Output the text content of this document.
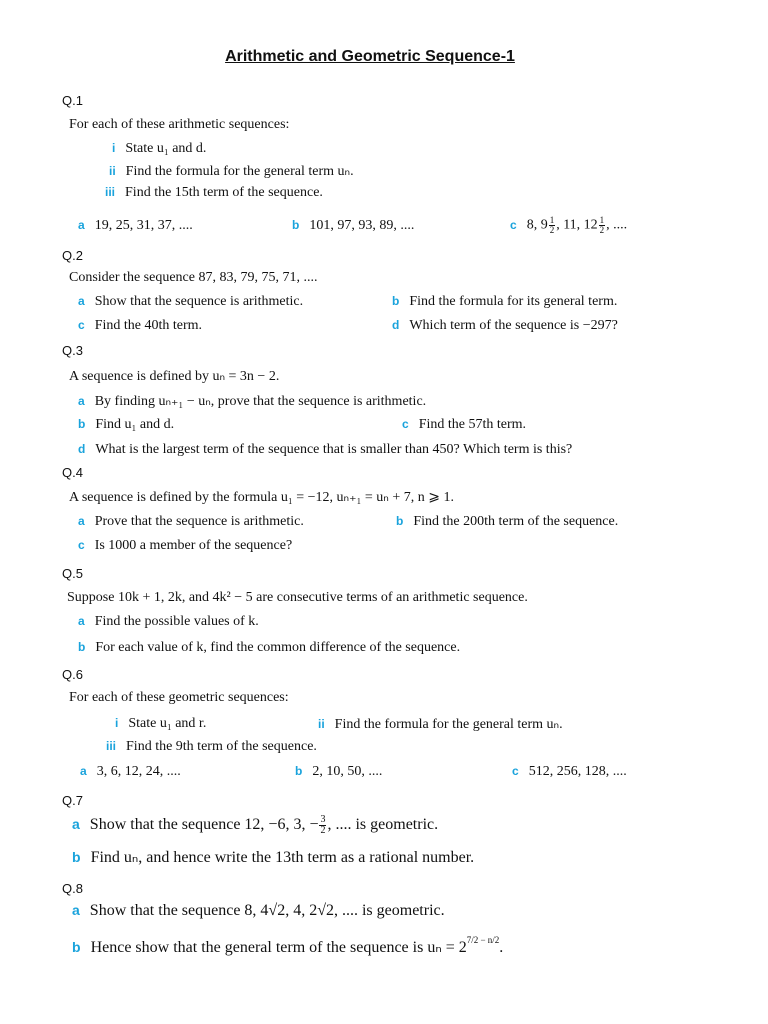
Arithmetic and Geometric Sequence-1
Q.1
For each of these arithmetic sequences:
i State u₁ and d.
ii Find the formula for the general term uₙ.
iii Find the 15th term of the sequence.
a 19, 25, 31, 37, ....	b 101, 97, 93, 89, ....	c 8, $9 \frac{1}{2}$ , 11, $12 \frac{1}{2}$ , ....
Q.2
Consider the sequence 87, 83, 79, 75, 71, ....
a Show that the sequence is arithmetic.	b Find the formula for its general term.
c Find the 40th term.	d Which term of the sequence is −297?
Q.3
A sequence is defined by uₙ = 3n − 2.
a By finding uₙ₊₁ − uₙ, prove that the sequence is arithmetic.
b Find u₁ and d.	c Find the 57th term.
d What is the largest term of the sequence that is smaller than 450? Which term is this?
Q.4
A sequence is defined by the formula u₁ = −12, uₙ₊₁ = uₙ + 7, n ⩾ 1.
a Prove that the sequence is arithmetic.	b Find the 200th term of the sequence.
c Is 1000 a member of the sequence?
Q.5
Suppose 10k + 1, 2k, and 4k² − 5 are consecutive terms of an arithmetic sequence.
a Find the possible values of k.
b For each value of k, find the common difference of the sequence.
Q.6
For each of these geometric sequences:
i State u₁ and r.	ii Find the formula for the general term uₙ.
iii Find the 9th term of the sequence.
a 3, 6, 12, 24, ....	b 2, 10, 50, ....	c 512, 256, 128, ....
Q.7
a Show that the sequence 12, −6, 3, − $\frac{3}{2}$ , .... is geometric.
b Find uₙ, and hence write the 13th term as a rational number.
Q.8
a Show that the sequence 8, 4√2, 4, 2√2, .... is geometric.
b Hence show that the general term of the sequence is $u_n = 2^{7/2 - n/2}$.
